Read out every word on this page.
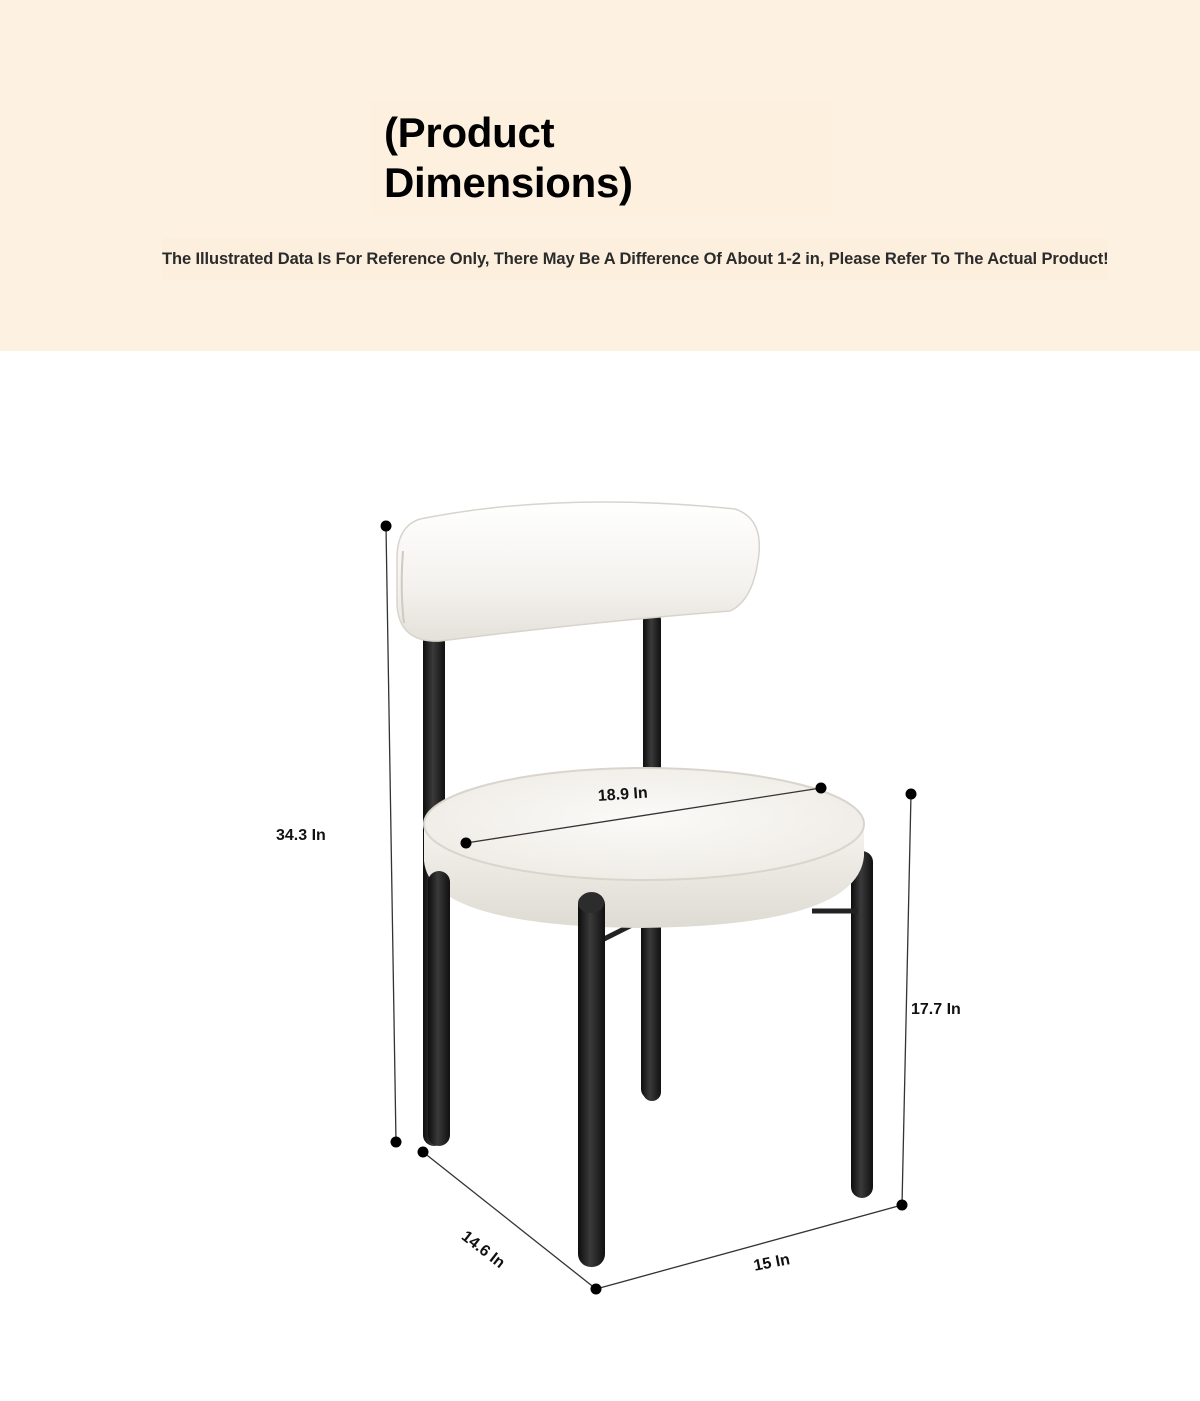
(Product Dimensions)

The Illustrated Data Is For Reference Only, There May Be A Difference Of About 1-2 in, Please Refer To The Actual Product!

34.3 In
17.7 In
18.9 In
14.6 In	15 In
